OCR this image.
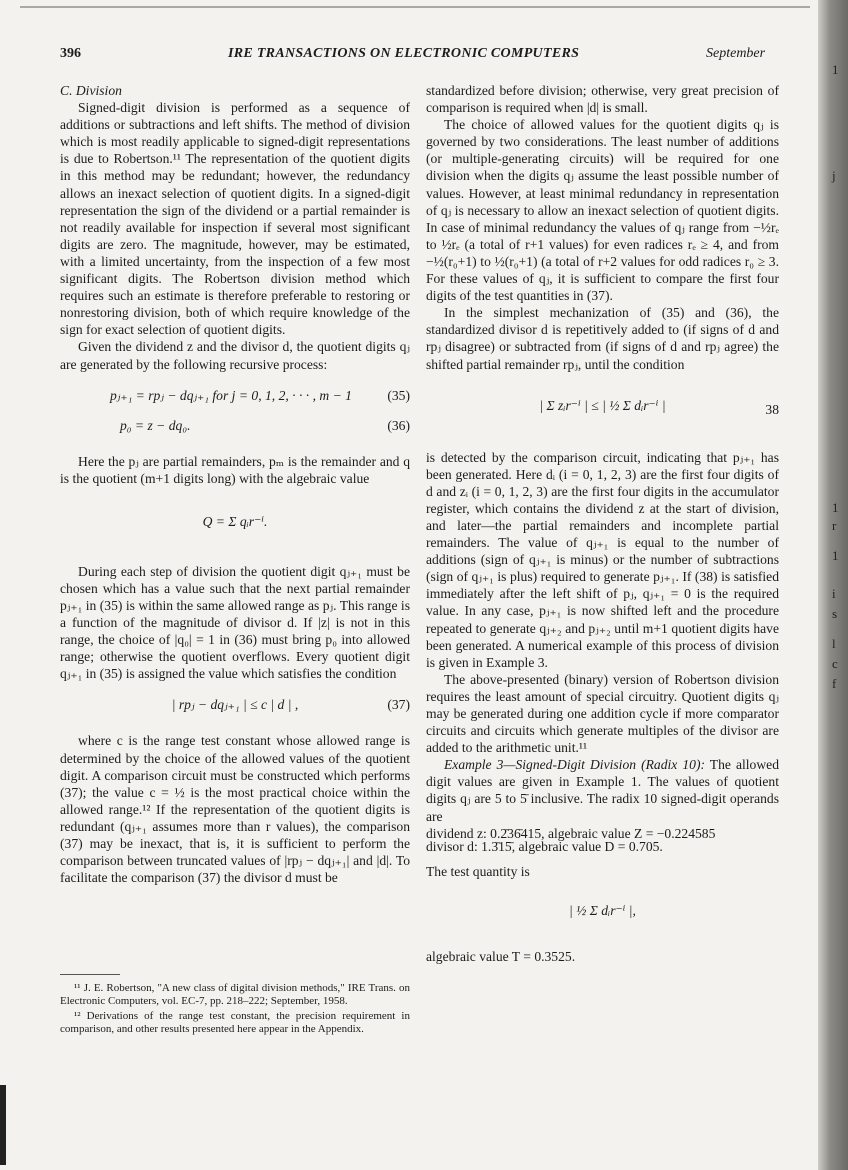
396	IRE TRANSACTIONS ON ELECTRONIC COMPUTERS	September

C. Division

Signed-digit division is performed as a sequence of additions or subtractions and left shifts. The method of division which is most readily applicable to signed-digit representations is due to Robertson.¹¹ The representation of the quotient digits in this method may be redundant; however, the redundancy allows an inexact selection of quotient digits. In a signed-digit representation the sign of the dividend or a partial remainder is not readily available for inspection if several most significant digits are zero. The magnitude, however, may be estimated, with a limited uncertainty, from the inspection of a few most significant digits. The Robertson division method which requires such an estimate is therefore preferable to restoring or nonrestoring division, both of which require knowledge of the sign for exact selection of quotient digits.

Given the dividend z and the divisor d, the quotient digits qⱼ are generated by the following recursive process:

pⱼ₊₁ = rpⱼ − dqⱼ₊₁ for j = 0, 1, 2, · · · , m − 1	(35)
p₀ = z − dq₀.	(36)

Here the pⱼ are partial remainders, pₘ is the remainder and q is the quotient (m+1 digits long) with the algebraic value

Q = Σ qᵢr⁻ⁱ.

During each step of division the quotient digit qⱼ₊₁ must be chosen which has a value such that the next partial remainder pⱼ₊₁ in (35) is within the same allowed range as pⱼ. This range is a function of the magnitude of divisor d. If |z| is not in this range, the choice of |q₀| = 1 in (36) must bring p₀ into allowed range; otherwise the quotient overflows. Every quotient digit qⱼ₊₁ in (35) is assigned the value which satisfies the condition

| rpⱼ − dqⱼ₊₁ | ≤ c | d | ,	(37)

where c is the range test constant whose allowed range is determined by the choice of the allowed values of the quotient digit. A comparison circuit must be constructed which performs (37); the value c = ½ is the most practical choice within the allowed range.¹² If the representation of the quotient digits is redundant (qⱼ₊₁ assumes more than r values), the comparison (37) may be inexact, that is, it is sufficient to perform the comparison between truncated values of |rpⱼ − dqⱼ₊₁| and |d|. To facilitate the comparison (37) the divisor d must be

¹¹ J. E. Robertson, "A new class of digital division methods," IRE Trans. on Electronic Computers, vol. EC-7, pp. 218–222; September, 1958.

¹² Derivations of the range test constant, the precision requirement in comparison, and other results presented here appear in the Appendix.

standardized before division; otherwise, very great precision of comparison is required when |d| is small.

The choice of allowed values for the quotient digits qⱼ is governed by two considerations. The least number of additions (or multiple-generating circuits) will be required for one division when the digits qⱼ assume the least possible number of values. However, at least minimal redundancy in representation of qⱼ is necessary to allow an inexact selection of quotient digits. In case of minimal redundancy the values of qⱼ range from −½rₑ to ½rₑ (a total of r+1 values) for even radices rₑ ≥ 4, and from −½(r₀+1) to ½(r₀+1) (a total of r+2 values for odd radices r₀ ≥ 3. For these values of qⱼ, it is sufficient to compare the first four digits of the test quantities in (37).

In the simplest mechanization of (35) and (36), the standardized divisor d is repetitively added to (if signs of d and rpⱼ disagree) or subtracted from (if signs of d and rpⱼ agree) the shifted partial remainder rpⱼ, until the condition

| Σ zᵢr⁻ⁱ | ≤ | ½ Σ dᵢr⁻ⁱ |	38

is detected by the comparison circuit, indicating that pⱼ₊₁ has been generated. Here dᵢ (i = 0, 1, 2, 3) are the first four digits of d and zᵢ (i = 0, 1, 2, 3) are the first four digits in the accumulator register, which contains the dividend z at the start of division, and later—the partial remainders and incomplete partial remainders. The value of qⱼ₊₁ is equal to the number of additions (sign of qⱼ₊₁ is minus) or the number of subtractions (sign of qⱼ₊₁ is plus) required to generate pⱼ₊₁. If (38) is satisfied immediately after the left shift of pⱼ, qⱼ₊₁ = 0 is the required value. In any case, pⱼ₊₁ is now shifted left and the procedure repeated to generate qⱼ₊₂ and pⱼ₊₂ until m+1 quotient digits have been generated. A numerical example of this process of division is given in Example 3.

The above-presented (binary) version of Robertson division requires the least amount of special circuitry. Quotient digits qⱼ may be generated during one addition cycle if more comparator circuits and circuits which generate multiples of the divisor are added to the arithmetic unit.¹¹

Example 3—Signed-Digit Division (Radix 10): The allowed digit values are given in Example 1. The values of quotient digits qⱼ are 5 to 5̄ inclusive. The radix 10 signed-digit operands are

dividend z: 0.2̄36̄415, algebraic value Z = −0.224585

divisor d: 1.3̄15̄, algebraic value D = 0.705.

The test quantity is

| ½ Σ dᵢr⁻ⁱ |,

algebraic value T = 0.3525.

1
j
1
r
1
i
s
l
c
f
